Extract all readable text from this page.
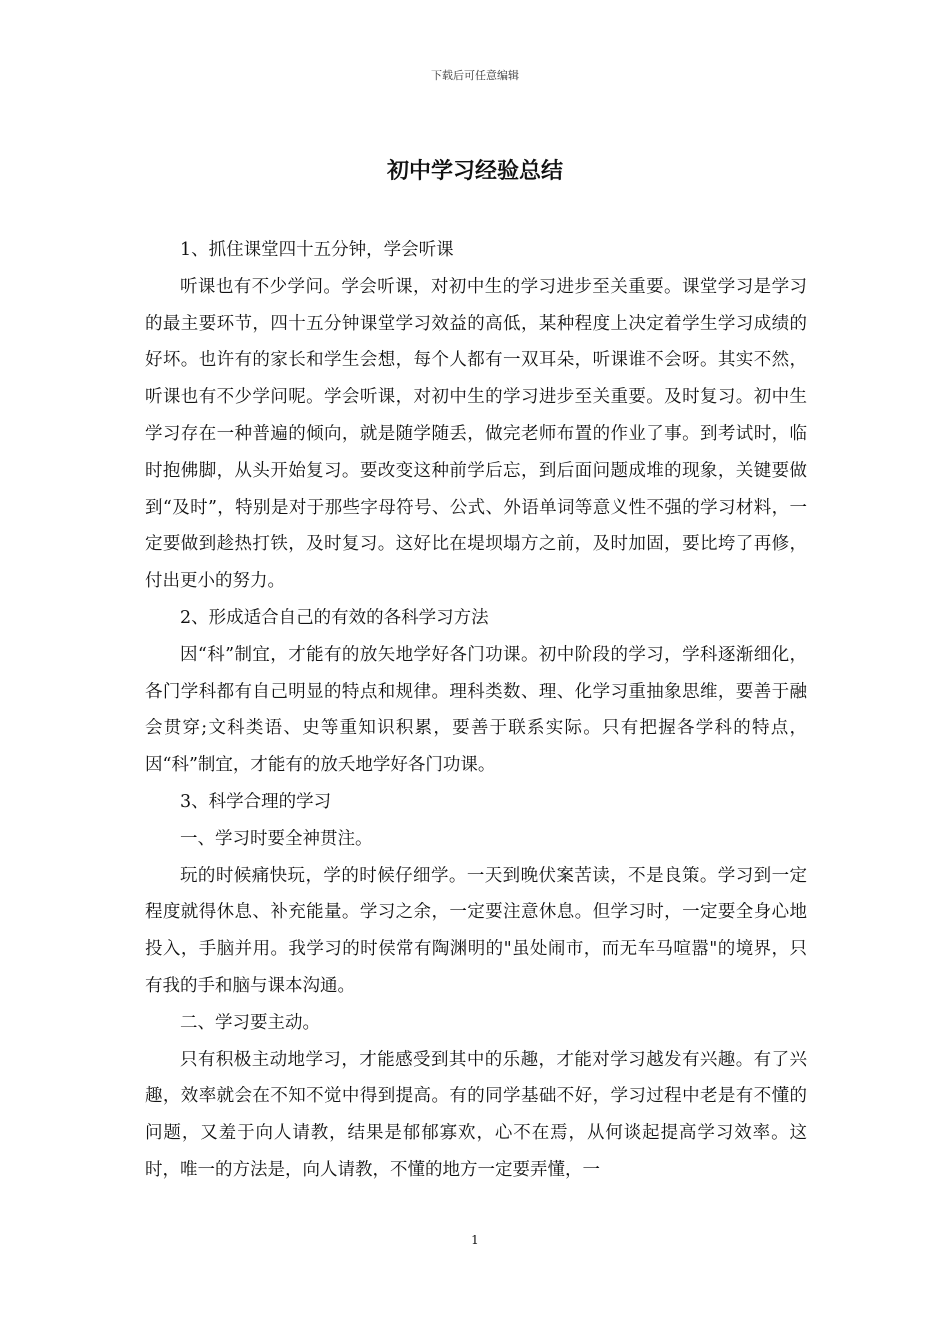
下载后可任意编辑
初中学习经验总结

1、抓住课堂四十五分钟，学会听课

听课也有不少学问。学会听课，对初中生的学习进步至关重要。课堂学习是学习的最主要环节，四十五分钟课堂学习效益的高低，某种程度上决定着学生学习成绩的好坏。也许有的家长和学生会想，每个人都有一双耳朵，听课谁不会呀。其实不然，听课也有不少学问呢。学会听课，对初中生的学习进步至关重要。及时复习。初中生学习存在一种普遍的倾向，就是随学随丢，做完老师布置的作业了事。到考试时，临时抱佛脚，从头开始复习。要改变这种前学后忘，到后面问题成堆的现象，关键要做到“及时”，特别是对于那些字母符号、公式、外语单词等意义性不强的学习材料，一定要做到趁热打铁，及时复习。这好比在堤坝塌方之前，及时加固，要比垮了再修，付出更小的努力。

2、形成适合自己的有效的各科学习方法

因“科”制宜，才能有的放矢地学好各门功课。初中阶段的学习，学科逐渐细化，各门学科都有自己明显的特点和规律。理科类数、理、化学习重抽象思维，要善于融会贯穿;文科类语、史等重知识积累，要善于联系实际。只有把握各学科的特点，因“科”制宜，才能有的放夭地学好各门功课。

3、科学合理的学习

一、学习时要全神贯注。

玩的时候痛快玩，学的时候仔细学。一天到晚伏案苦读，不是良策。学习到一定程度就得休息、补充能量。学习之余，一定要注意休息。但学习时，一定要全身心地投入，手脑并用。我学习的时侯常有陶渊明的"虽处闹市，而无车马喧嚣"的境界，只有我的手和脑与课本沟通。

二、学习要主动。

只有积极主动地学习，才能感受到其中的乐趣，才能对学习越发有兴趣。有了兴趣，效率就会在不知不觉中得到提高。有的同学基础不好，学习过程中老是有不懂的问题，又羞于向人请教，结果是郁郁寡欢，心不在焉，从何谈起提高学习效率。这时，唯一的方法是，向人请教，不懂的地方一定要弄懂，一

1
